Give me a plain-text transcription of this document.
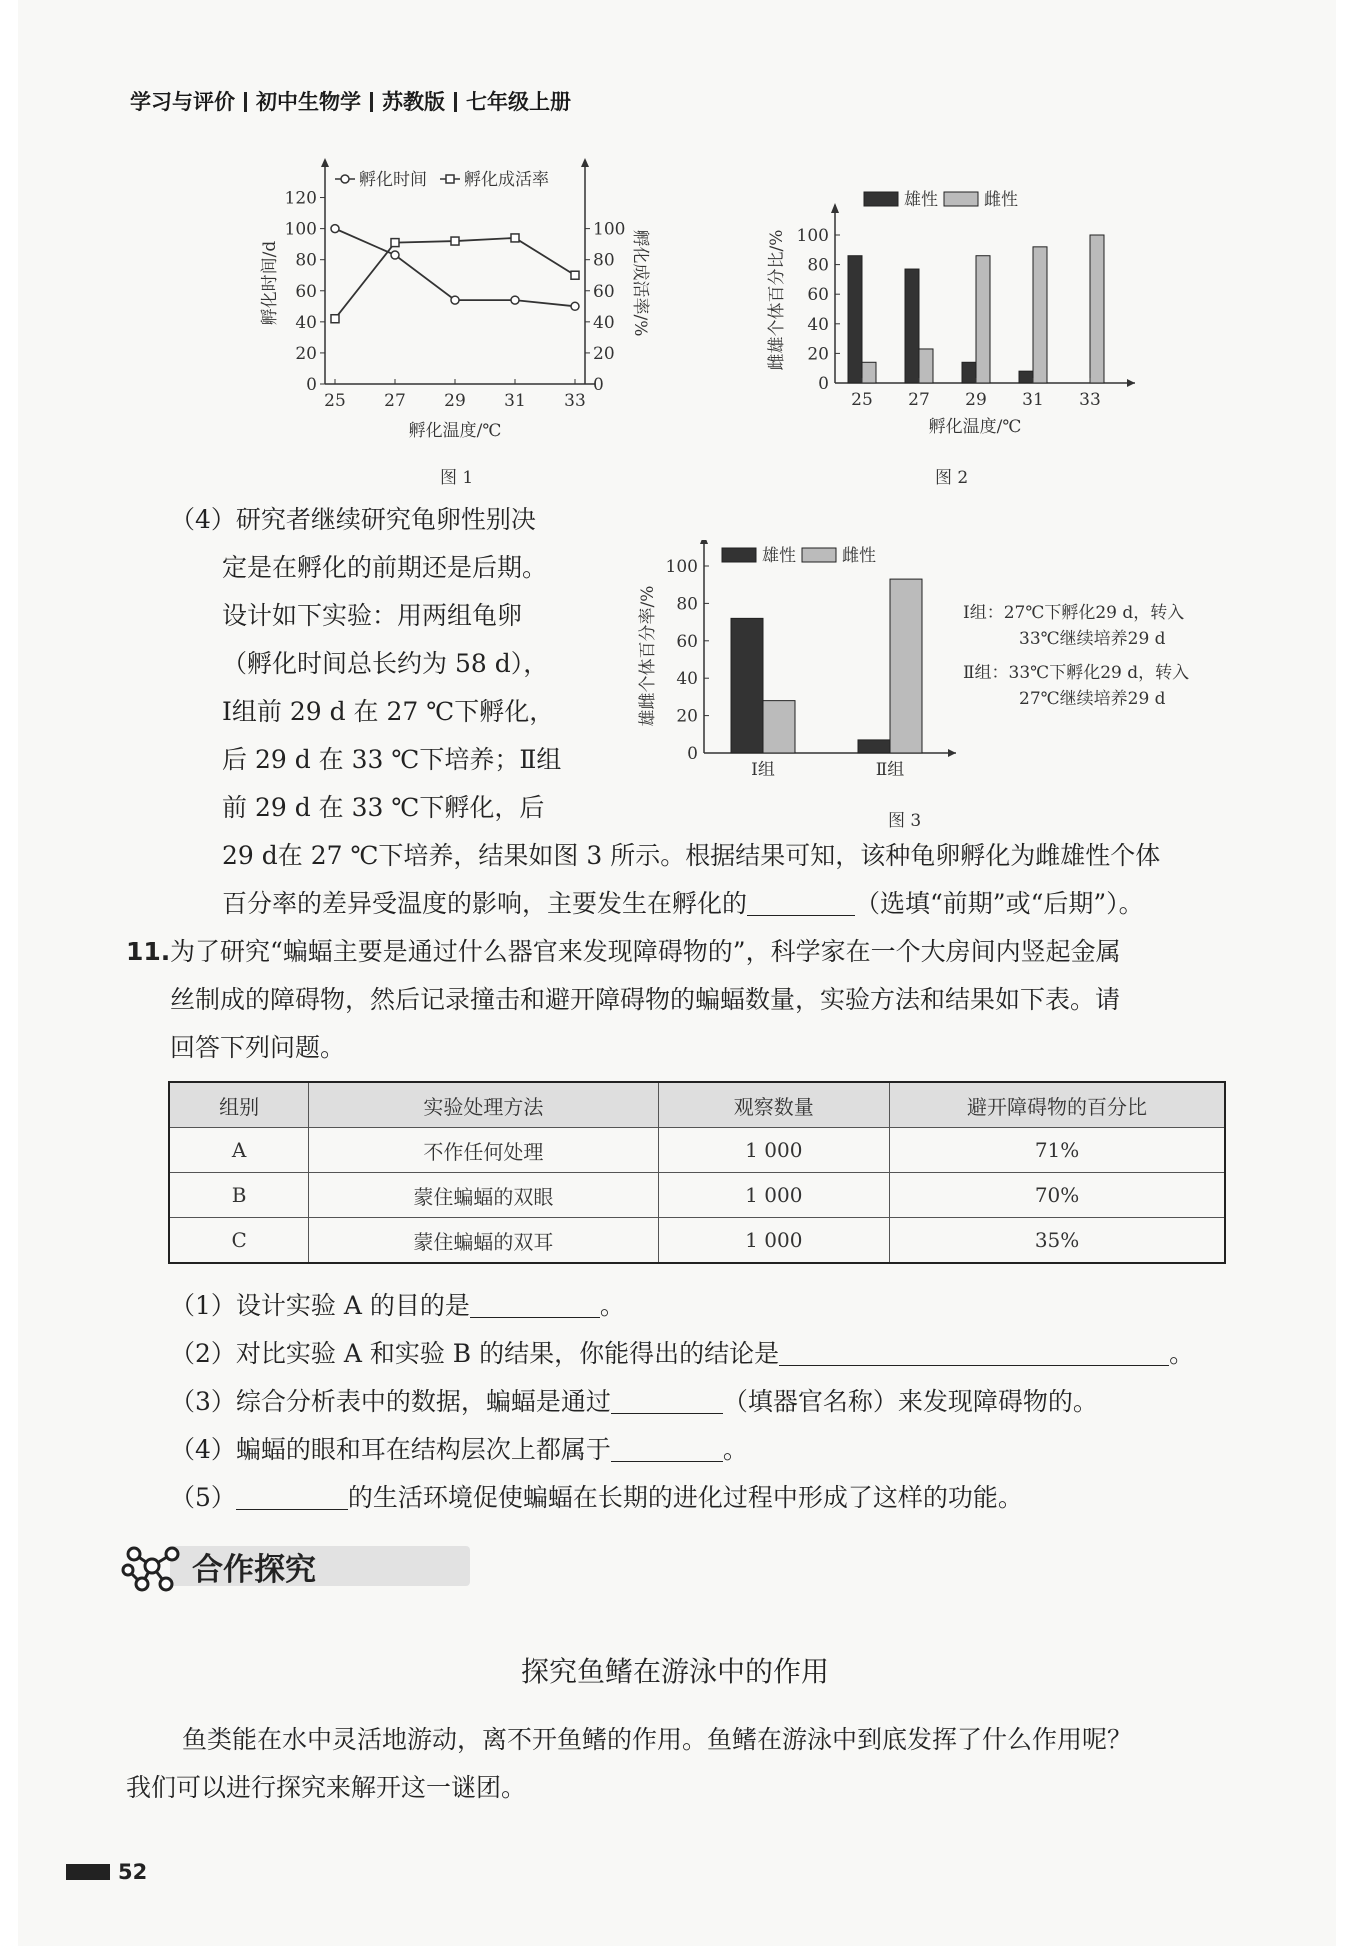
学习与评价 初中生物学 苏教版 七年级上册
0
20
40
60
80
100
120
0
20
40
60
80
100
25 27 29 31 33
孵化温度/℃
孵化时间/d	孵化成活率/%
孵化时间 孵化成活率
图 1
0
20
40
60
80
100
25 27 29 31 33
孵化温度/℃
雌雄个体百分比/%
雄性	雌性
图 2
（4）研究者继续研究龟卵性别决
定是在孵化的前期还是后期。
设计如下实验：用两组龟卵
（孵化时间总长约为 58 d），
Ⅰ组前 29 d 在 27 ℃下孵化，
后 29 d 在 33 ℃下培养；Ⅱ组
前 29 d 在 33 ℃下孵化，后
29 d在 27 ℃下培养，结果如图 3 所示。根据结果可知，该种龟卵孵化为雌雄性个体
百分率的差异受温度的影响，主要发生在孵化的	（选填“前期”或“后期”）。
0
20
40
60
80
100
Ⅰ组	Ⅱ组
雄雌个体百分率/%
雄性	雌性
Ⅰ组：27℃下孵化29 d，转入
33℃继续培养29 d
Ⅱ组：33℃下孵化29 d，转入
27℃继续培养29 d
图 3
11. 为了研究“蝙蝠主要是通过什么器官来发现障碍物的”，科学家在一个大房间内竖起金属
丝制成的障碍物，然后记录撞击和避开障碍物的蝙蝠数量，实验方法和结果如下表。请
回答下列问题。
组别	实验处理方法	观察数量	避开障碍物的百分比
A	不作任何处理	1 000	71%
B	蒙住蝙蝠的双眼	1 000	70%
C	蒙住蝙蝠的双耳	1 000	35%
（1）设计实验 A 的目的是	。
（2）对比实验 A 和实验 B 的结果，你能得出的结论是	。
（3）综合分析表中的数据，蝙蝠是通过	（填器官名称）来发现障碍物的。
（4）蝙蝠的眼和耳在结构层次上都属于	。
（5）	的生活环境促使蝙蝠在长期的进化过程中形成了这样的功能。
合作探究
探究鱼鳍在游泳中的作用
鱼类能在水中灵活地游动，离不开鱼鳍的作用。鱼鳍在游泳中到底发挥了什么作用呢？
我们可以进行探究来解开这一谜团。
52
